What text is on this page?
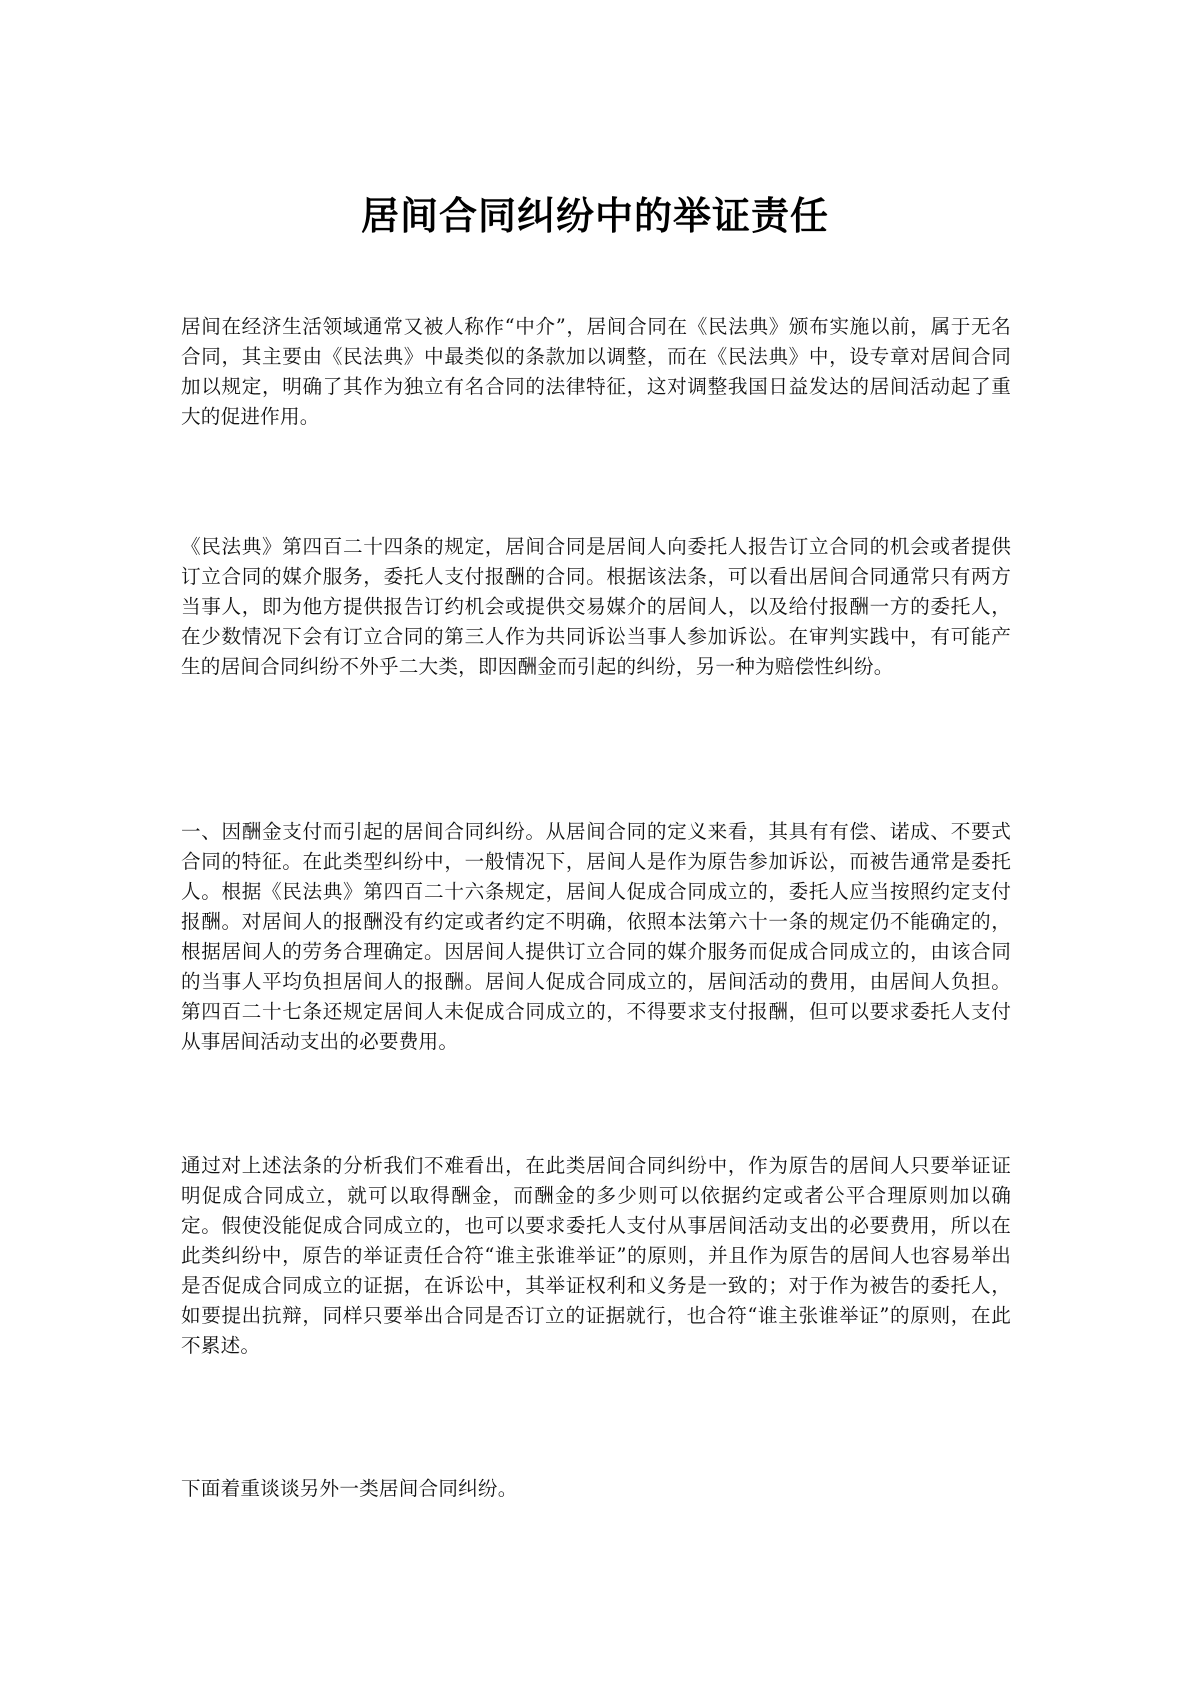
居间合同纠纷中的举证责任

居间在经济生活领域通常又被人称作“中介”，居间合同在《民法典》颁布实施以前，属于无名合同，其主要由《民法典》中最类似的条款加以调整，而在《民法典》中，设专章对居间合同加以规定，明确了其作为独立有名合同的法律特征，这对调整我国日益发达的居间活动起了重大的促进作用。

《民法典》第四百二十四条的规定，居间合同是居间人向委托人报告订立合同的机会或者提供订立合同的媒介服务，委托人支付报酬的合同。根据该法条，可以看出居间合同通常只有两方当事人，即为他方提供报告订约机会或提供交易媒介的居间人，以及给付报酬一方的委托人，在少数情况下会有订立合同的第三人作为共同诉讼当事人参加诉讼。在审判实践中，有可能产生的居间合同纠纷不外乎二大类，即因酬金而引起的纠纷，另一种为赔偿性纠纷。

一、因酬金支付而引起的居间合同纠纷。从居间合同的定义来看，其具有有偿、诺成、不要式合同的特征。在此类型纠纷中，一般情况下，居间人是作为原告参加诉讼，而被告通常是委托人。根据《民法典》第四百二十六条规定，居间人促成合同成立的，委托人应当按照约定支付报酬。对居间人的报酬没有约定或者约定不明确，依照本法第六十一条的规定仍不能确定的，根据居间人的劳务合理确定。因居间人提供订立合同的媒介服务而促成合同成立的，由该合同的当事人平均负担居间人的报酬。居间人促成合同成立的，居间活动的费用，由居间人负担。第四百二十七条还规定居间人未促成合同成立的，不得要求支付报酬，但可以要求委托人支付从事居间活动支出的必要费用。

通过对上述法条的分析我们不难看出，在此类居间合同纠纷中，作为原告的居间人只要举证证明促成合同成立，就可以取得酬金，而酬金的多少则可以依据约定或者公平合理原则加以确定。假使没能促成合同成立的，也可以要求委托人支付从事居间活动支出的必要费用，所以在此类纠纷中，原告的举证责任合符“谁主张谁举证”的原则，并且作为原告的居间人也容易举出是否促成合同成立的证据，在诉讼中，其举证权利和义务是一致的；对于作为被告的委托人，如要提出抗辩，同样只要举出合同是否订立的证据就行，也合符“谁主张谁举证”的原则，在此不累述。

下面着重谈谈另外一类居间合同纠纷。
